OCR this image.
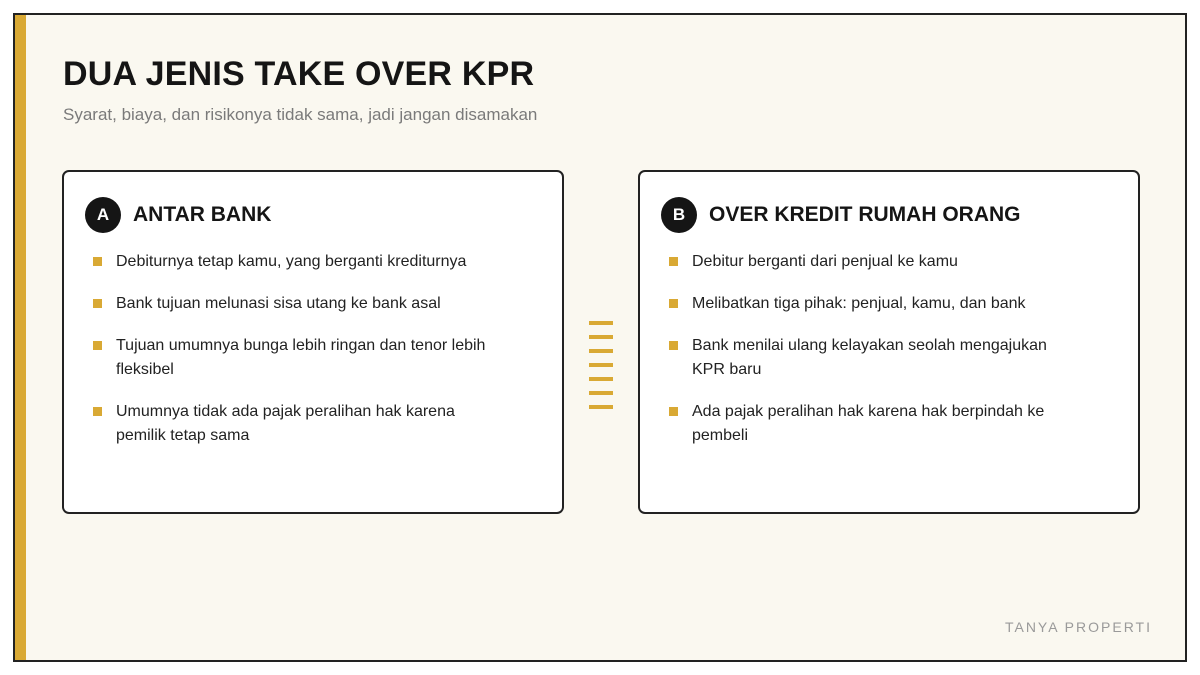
DUA JENIS TAKE OVER KPR

Syarat, biaya, dan risikonya tidak sama, jadi jangan disamakan

A	ANTAR BANK
Debiturnya tetap kamu, yang berganti krediturnya
Bank tujuan melunasi sisa utang ke bank asal
Tujuan umumnya bunga lebih ringan dan tenor lebih fleksibel
Umumnya tidak ada pajak peralihan hak karena pemilik tetap sama
B	OVER KREDIT RUMAH ORANG
Debitur berganti dari penjual ke kamu
Melibatkan tiga pihak: penjual, kamu, dan bank
Bank menilai ulang kelayakan seolah mengajukan KPR baru
Ada pajak peralihan hak karena hak berpindah ke pembeli
TANYA PROPERTI
